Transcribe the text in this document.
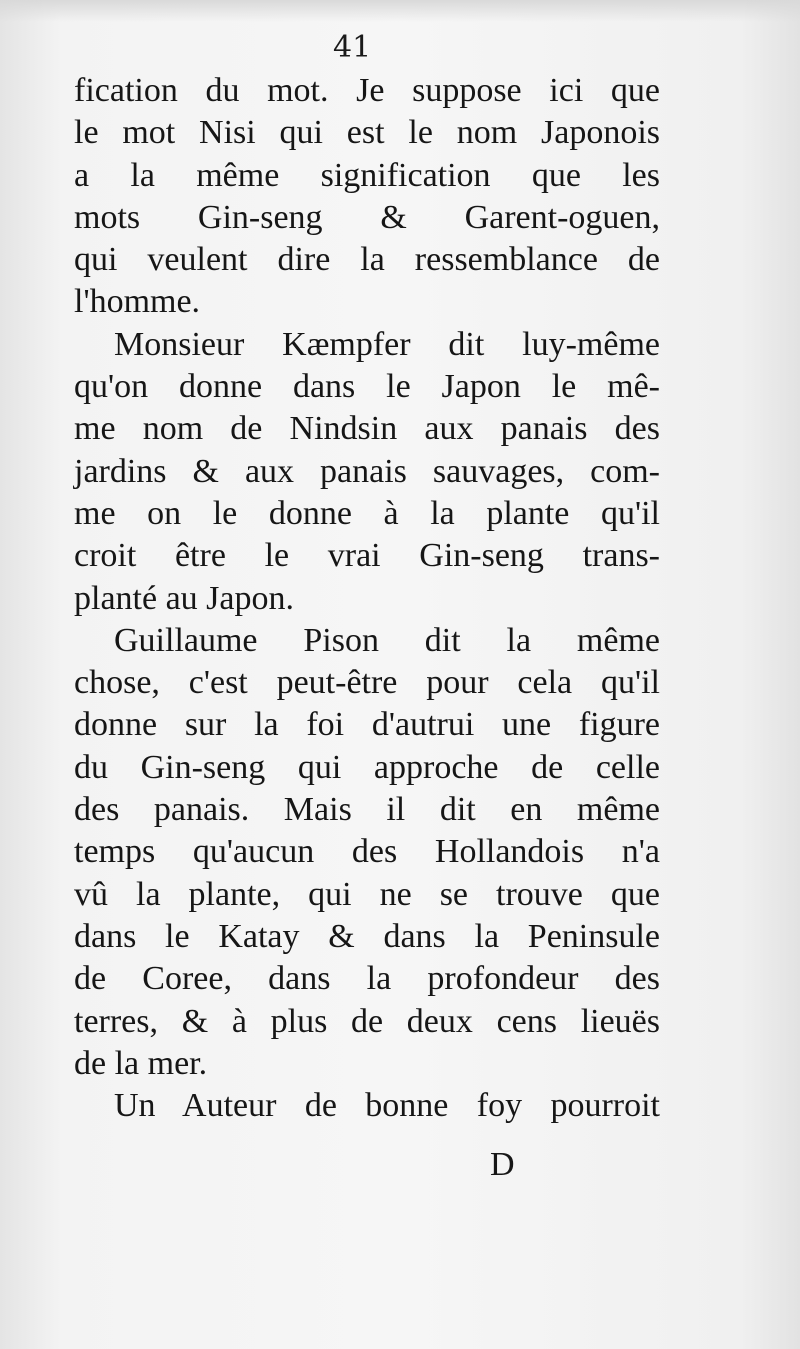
41
fication du mot. Je suppose ici que
le mot Nisi qui est le nom Japonois
a la même signification que les
mots Gin-seng & Garent-oguen,
qui veulent dire la ressemblance de
l'homme.
Monsieur Kæmpfer dit luy-même
qu'on donne dans le Japon le mê-
me nom de Nindsin aux panais des
jardins & aux panais sauvages, com-
me on le donne à la plante qu'il
croit être le vrai Gin-seng trans-
planté au Japon.
Guillaume Pison dit la même
chose, c'est peut-être pour cela qu'il
donne sur la foi d'autrui une figure
du Gin-seng qui approche de celle
des panais. Mais il dit en même
temps qu'aucun des Hollandois n'a
vû la plante, qui ne se trouve que
dans le Katay & dans la Peninsule
de Coree, dans la profondeur des
terres, & à plus de deux cens lieuës
de la mer.
Un Auteur de bonne foy pourroit
D
